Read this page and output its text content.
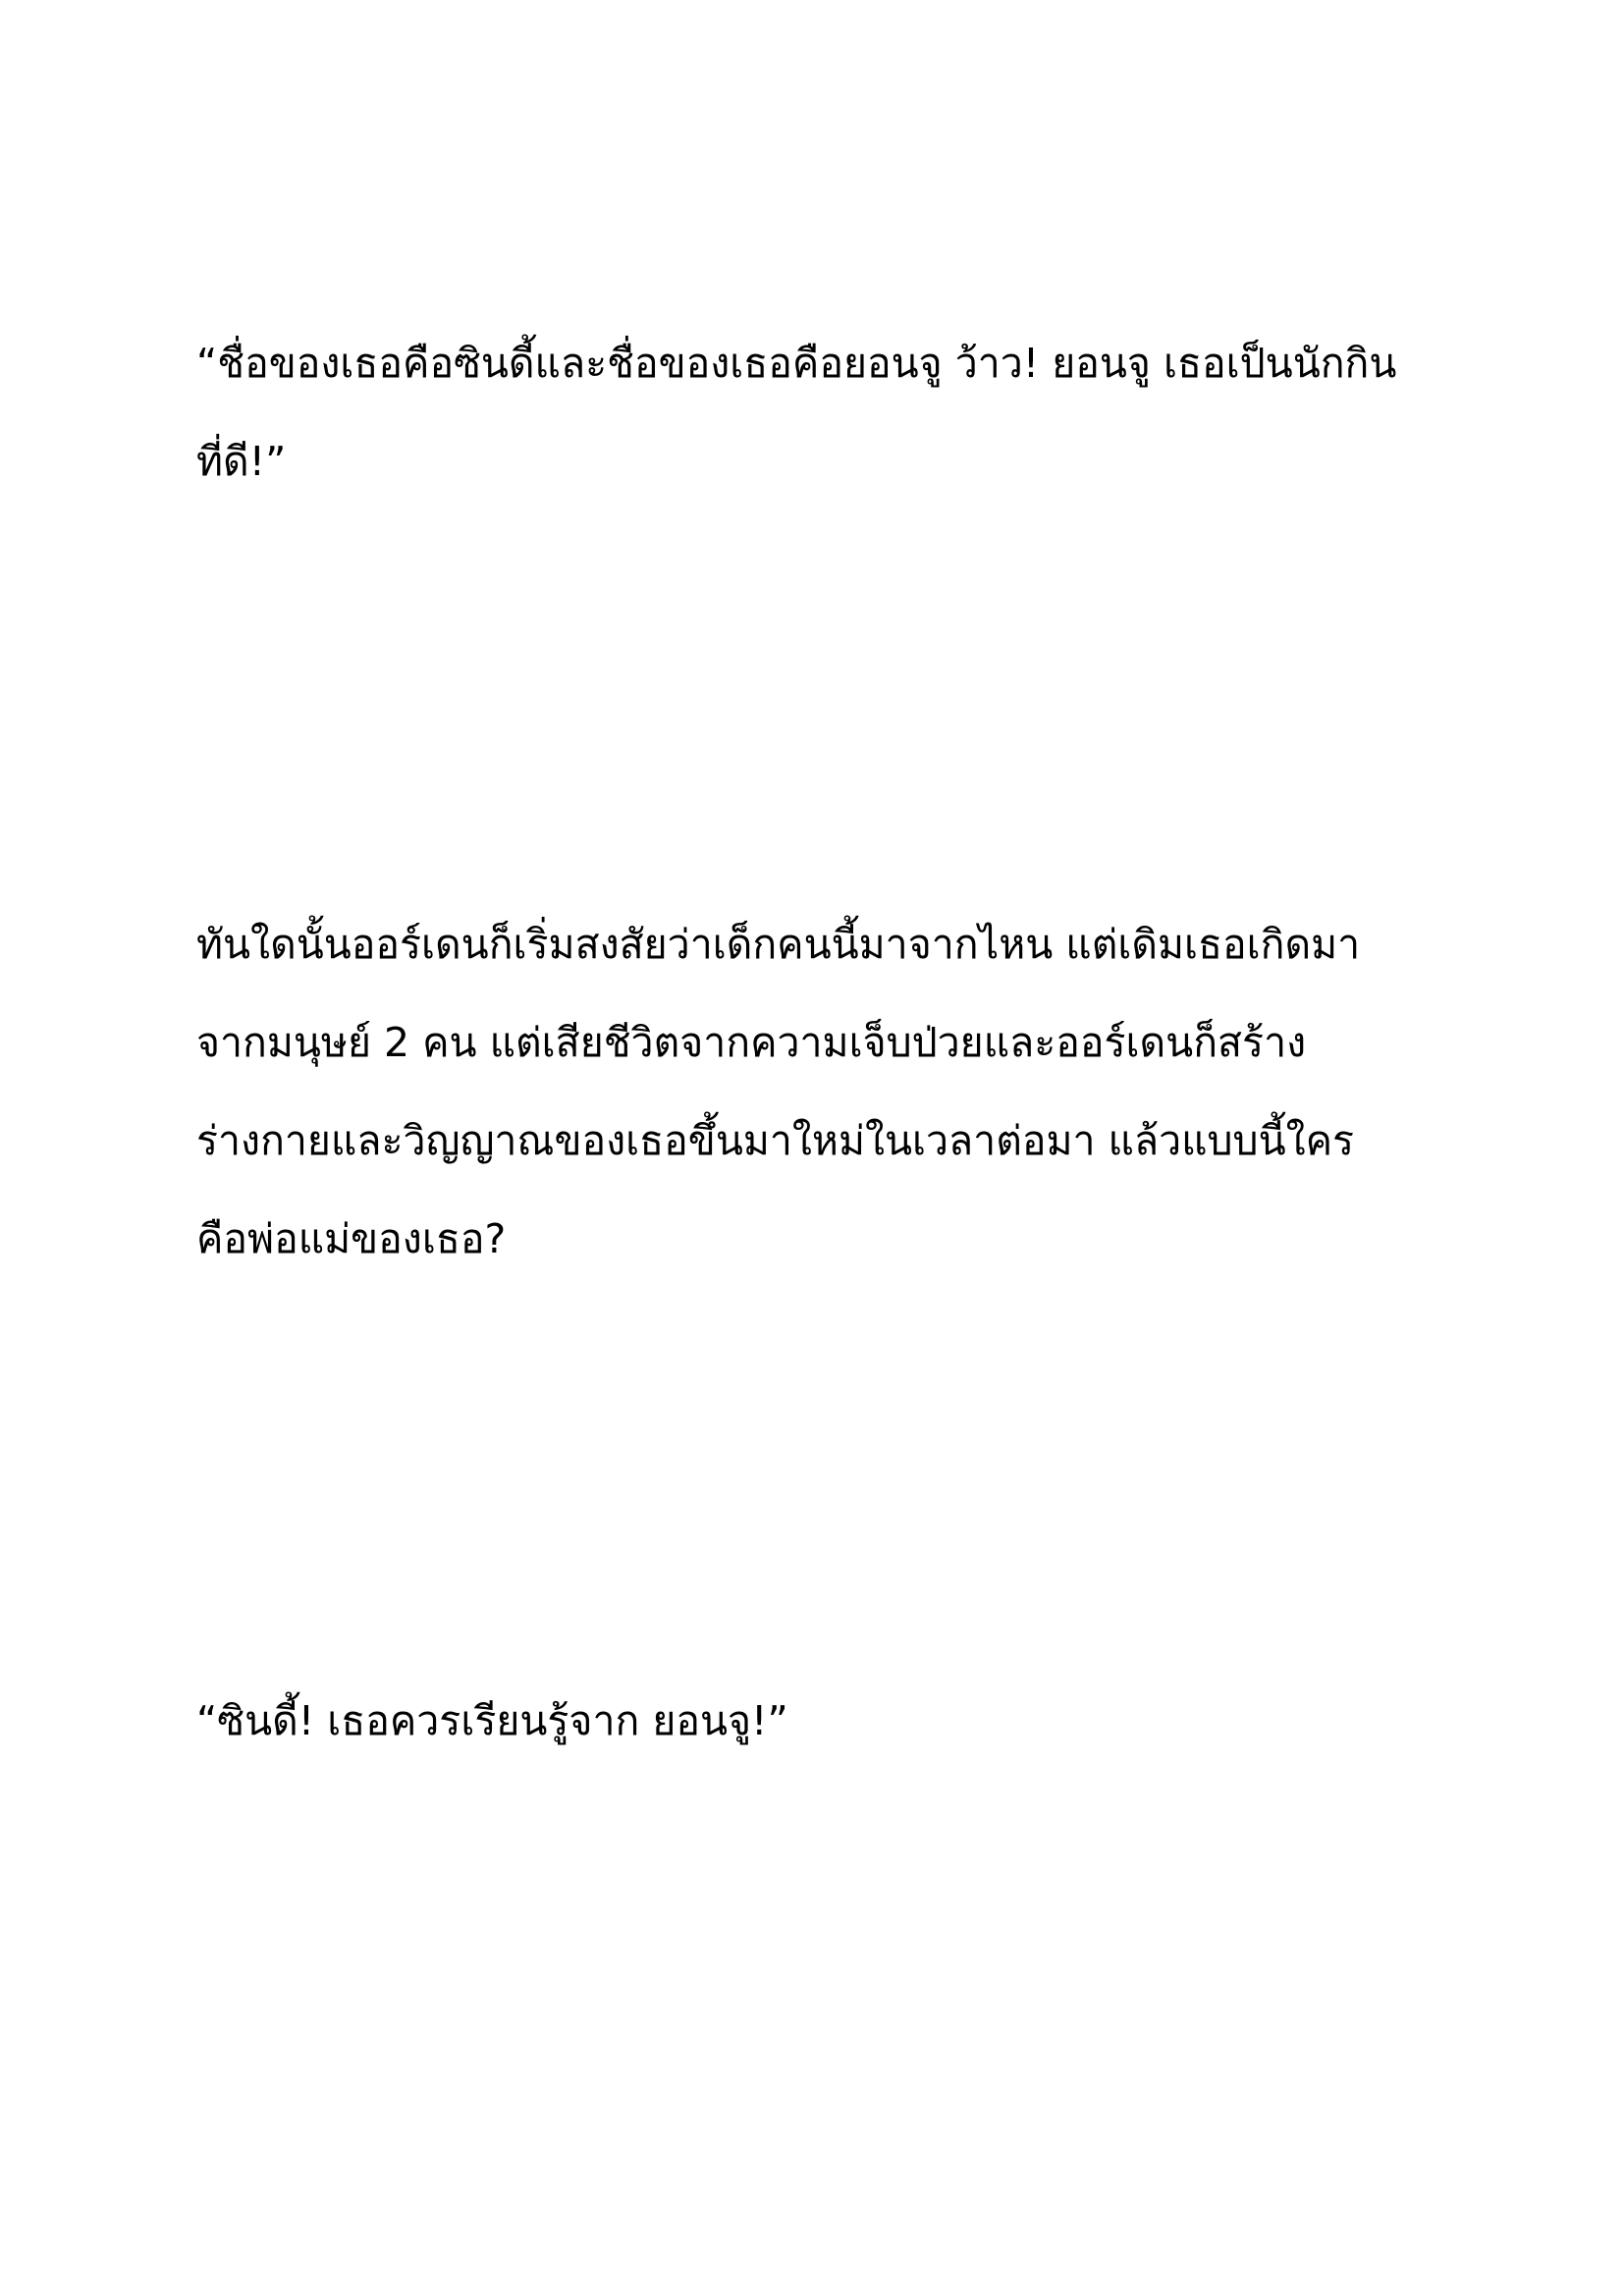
“ชื่อของเธอคือซินดี้และชื่อของเธอคือยอนจู ว้าว! ยอนจู เธอเป็นนักกิน
ที่ดี!”
ทันใดนั้นออร์เดนก็เริ่มสงสัยว่าเด็กคนนี้มาจากไหน แต่เดิมเธอเกิดมา
จากมนุษย์ 2 คน แต่เสียชีวิตจากความเจ็บป่วยและออร์เดนก็สร้าง
ร่างกายและวิญญาณของเธอขึ้นมาใหม่ในเวลาต่อมา แล้วแบบนี้ใคร
คือพ่อแม่ของเธอ?
“ซินดี้! เธอควรเรียนรู้จาก ยอนจู!”
